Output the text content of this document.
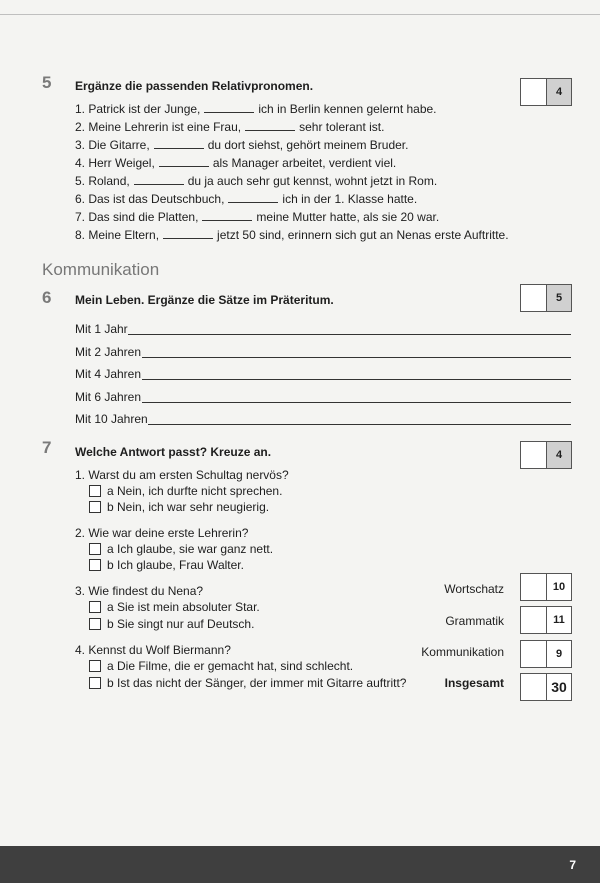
5 Ergänze die passenden Relativpronomen.	4
1. Patrick ist der Junge,	ich in Berlin kennen gelernt habe.
2. Meine Lehrerin ist eine Frau,	sehr tolerant ist.
3. Die Gitarre,	du dort siehst, gehört meinem Bruder.
4. Herr Weigel,	als Manager arbeitet, verdient viel.
5. Roland,	du ja auch sehr gut kennst, wohnt jetzt in Rom.
6. Das ist das Deutschbuch,	ich in der 1. Klasse hatte.
7. Das sind die Platten,	meine Mutter hatte, als sie 20 war.
8. Meine Eltern,	jetzt 50 sind, erinnern sich gut an Nenas erste Auftritte.
Kommunikation
6 Mein Leben. Ergänze die Sätze im Präteritum.	5
Mit 1 Jahr
Mit 2 Jahren
Mit 4 Jahren
Mit 6 Jahren
Mit 10 Jahren
7 Welche Antwort passt? Kreuze an.	4
1. Warst du am ersten Schultag nervös?
a Nein, ich durfte nicht sprechen.
b Nein, ich war sehr neugierig.
2. Wie war deine erste Lehrerin?
a Ich glaube, sie war ganz nett.
b Ich glaube, Frau Walter.
3. Wie findest du Nena?
a Sie ist mein absoluter Star.
b Sie singt nur auf Deutsch.
4. Kennst du Wolf Biermann?
a Die Filme, die er gemacht hat, sind schlecht.
b Ist das nicht der Sänger, der immer mit Gitarre auftritt?
Wortschatz	10
Grammatik	11
Kommunikation	9
Insgesamt	30
7
